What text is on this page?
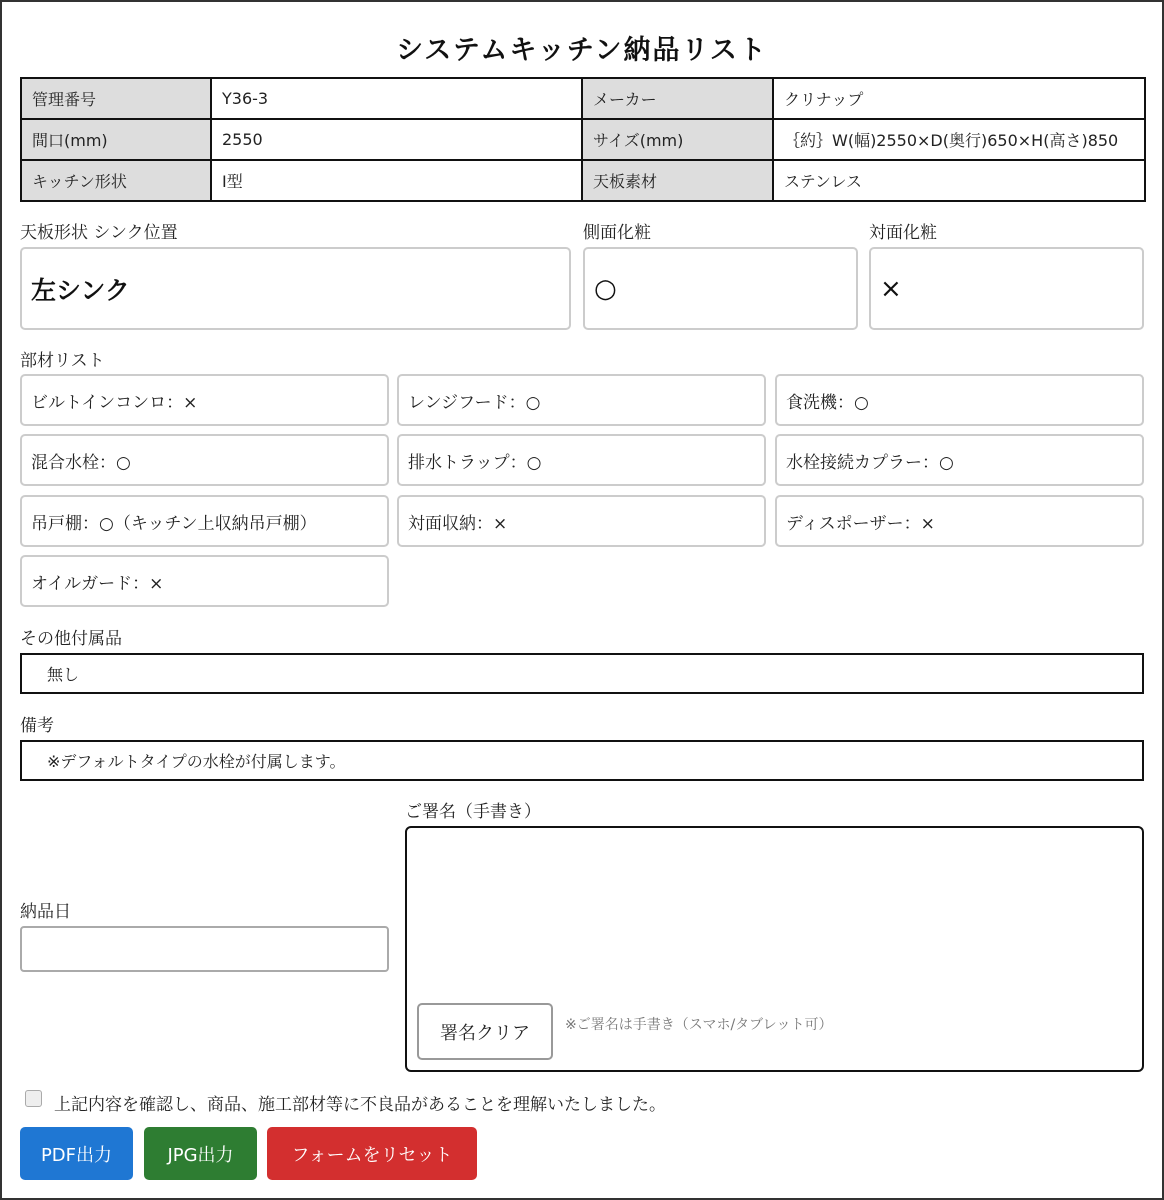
システムキッチン納品リスト
管理番号	Y36-3	メーカー	クリナップ
間口(mm)	2550	サイズ(mm)	｛約｝W(幅)2550×D(奥行)650×H(高さ)850
キッチン形状	I型	天板素材	ステンレス
天板形状 シンク位置
左シンク
側面化粧
○
対面化粧
×
部材リスト
ビルトインコンロ：×	レンジフード：○	食洗機：○
混合水栓：○	排水トラップ：○	水栓接続カプラー：○
吊戸棚：○（キッチン上収納吊戸棚）	対面収納：×	ディスポーザー：×
オイルガード：×
その他付属品
無し
備考
※デフォルトタイプの水栓が付属します。
ご署名（手書き）
署名クリア	※ご署名は手書き（スマホ/タブレット可）
納品日
上記内容を確認し、商品、施工部材等に不良品があることを理解いたしました。
PDF出力	JPG出力	フォームをリセット
